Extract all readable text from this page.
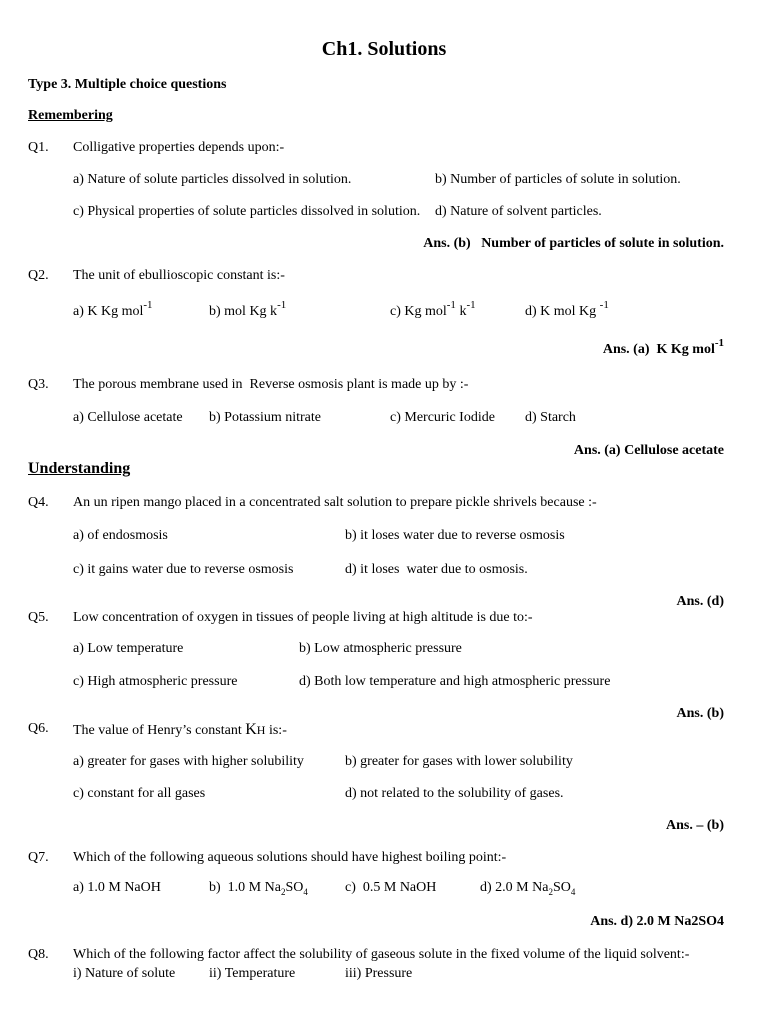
Ch1. Solutions
Type 3. Multiple choice questions
Remembering
Q1. Colligative properties depends upon:-
a) Nature of solute particles dissolved in solution.	b) Number of particles of solute in solution.
c) Physical properties of solute particles dissolved in solution. d) Nature of solvent particles.
Ans. (b)   Number of particles of solute in solution.
Q2. The unit of ebullioscopic constant is:-
a) K Kg mol$^{-1}$	b) mol Kg $k^{-1}$	c) Kg mol$^{-1}$ $k^{-1}$	d) K mol Kg $^{-1}$
Ans. (a)  K Kg mol$^{-1}$
Q3. The porous membrane used in  Reverse osmosis plant is made up by :-
a) Cellulose acetate b) Potassium nitrate	c) Mercuric Iodide d) Starch
Ans. (a) Cellulose acetate
Understanding
Q4. An un ripen mango placed in a concentrated salt solution to prepare pickle shrivels because :-
a) of endosmosis	b) it loses water due to reverse osmosis
c) it gains water due to reverse osmosis	d) it loses  water due to osmosis.
Ans. (d)
Q5. Low concentration of oxygen in tissues of people living at high altitude is due to:-
a) Low temperature	b) Low atmospheric pressure
c) High atmospheric pressure	d) Both low temperature and high atmospheric pressure
Ans. (b)
Q6. The value of Henry’s constant KH is:-
a) greater for gases with higher solubility	b) greater for gases with lower solubility
c) constant for all gases	d) not related to the solubility of gases.
Ans. – (b)
Q7. Which of the following aqueous solutions should have highest boiling point:-
a) 1.0 M NaOH	b)  1.0 M $Na_2SO_4$	c)  0.5 M NaOH	d) 2.0 M $Na_2SO_4$
Ans. d) 2.0 M Na2SO4
Q8. Which of the following factor affect the solubility of gaseous solute in the fixed volume of the liquid solvent:-
i) Nature of solute ii) Temperature	iii) Pressure
